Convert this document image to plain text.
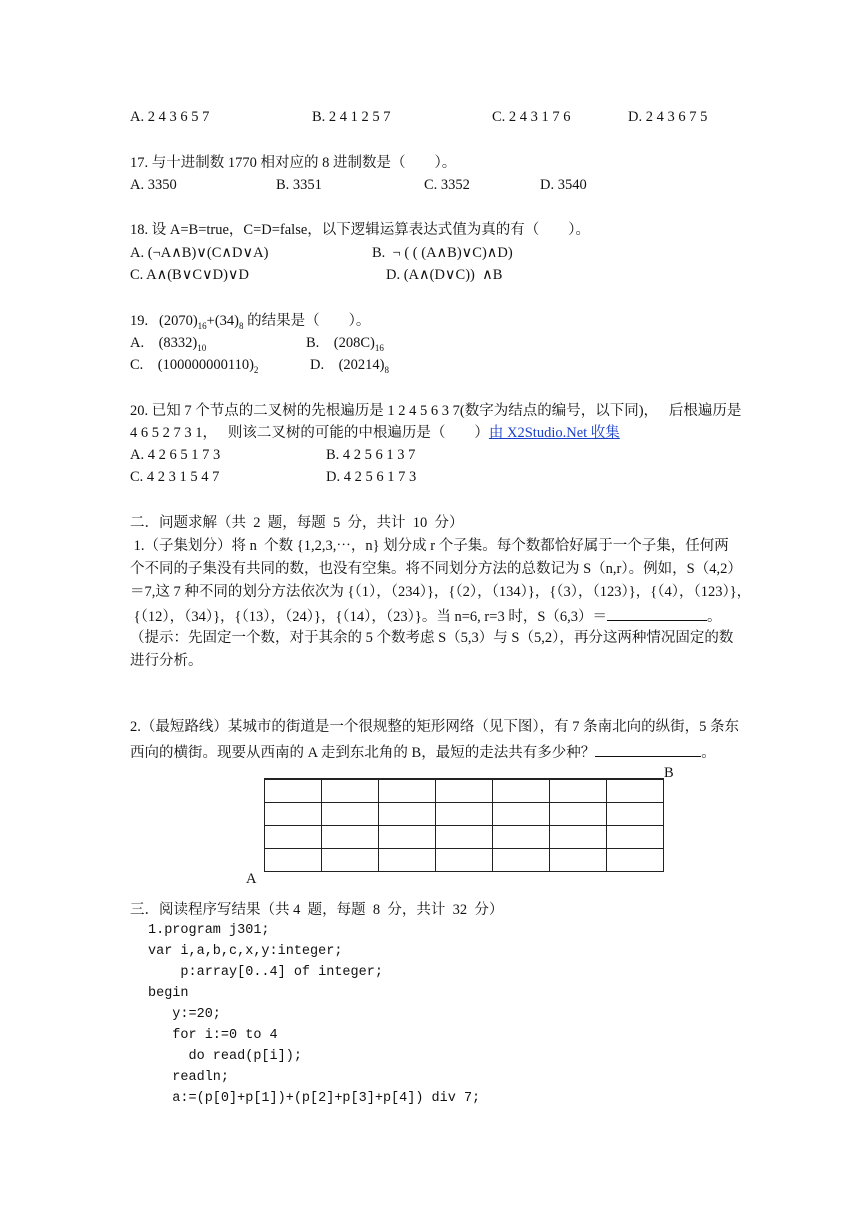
A. 2 4 3 6 5 7	B. 2 4 1 2 5 7	C. 2 4 3 1 7 6	D. 2 4 3 6 7 5
17. 与十进制数 1770 相对应的 8 进制数是（　　）。
A. 3350	B. 3351	C. 3352	D. 3540
18. 设 A=B=true，C=D=false，以下逻辑运算表达式值为真的有（　　）。
A. (¬A∧B)∨(C∧D∨A)	B.  ¬ ( ( (A∧B)∨C)∧D)
C. A∧(B∨C∨D)∨D	D. (A∧(D∨C))  ∧B
19.   $(2070)_{16}+(34)_8$ 的结果是（　　）。
A.    $(8332)_{10}$	B.    $(208C)_{16}$
C.    $(100000000110)_2$	D.    $(20214)_8$
20. 已知 7 个节点的二叉树的先根遍历是 1 2 4 5 6 3 7(数字为结点的编号，以下同)，   后根遍历是
4 6 5 2 7 3 1，   则该二叉树的可能的中根遍历是（　　）由 X2Studio.Net 收集
A. 4 2 6 5 1 7 3	B. 4 2 5 6 1 3 7
C. 4 2 3 1 5 4 7	D. 4 2 5 6 1 7 3
二．问题求解（共  2  题，每题  5  分，共计  10  分）
1.（子集划分）将 n  个数 {1,2,3,⋯，n} 划分成 r 个子集。每个数都恰好属于一个子集，任何两
个不同的子集没有共同的数，也没有空集。将不同划分方法的总数记为 S（n,r）。例如，S（4,2）
＝7,这 7 种不同的划分方法依次为 {（1），（234）}，{（2），（134）}，{（3），（123）}，{（4），（123）}，
{（12），（34）}，{（13），（24）}，{（14），（23）}。当 n=6, r=3 时，S（6,3）＝	。
（提示：先固定一个数，对于其余的 5 个数考虑 S（5,3）与 S（5,2），再分这两种情况固定的数
进行分析。
2.（最短路线）某城市的街道是一个很规整的矩形网络（见下图），有 7 条南北向的纵街，5 条东
西向的横街。现要从西南的 A 走到东北角的 B，最短的走法共有多少种？	。

B
A
三．阅读程序写结果（共 4  题，每题  8  分，共计  32  分）
1.program j301;
var i,a,b,c,x,y:integer;
p:array[0..4] of integer;
begin
y:=20;
for i:=0 to 4
do read(p[i]);
readln;
a:=(p[0]+p[1])+(p[2]+p[3]+p[4]) div 7;
